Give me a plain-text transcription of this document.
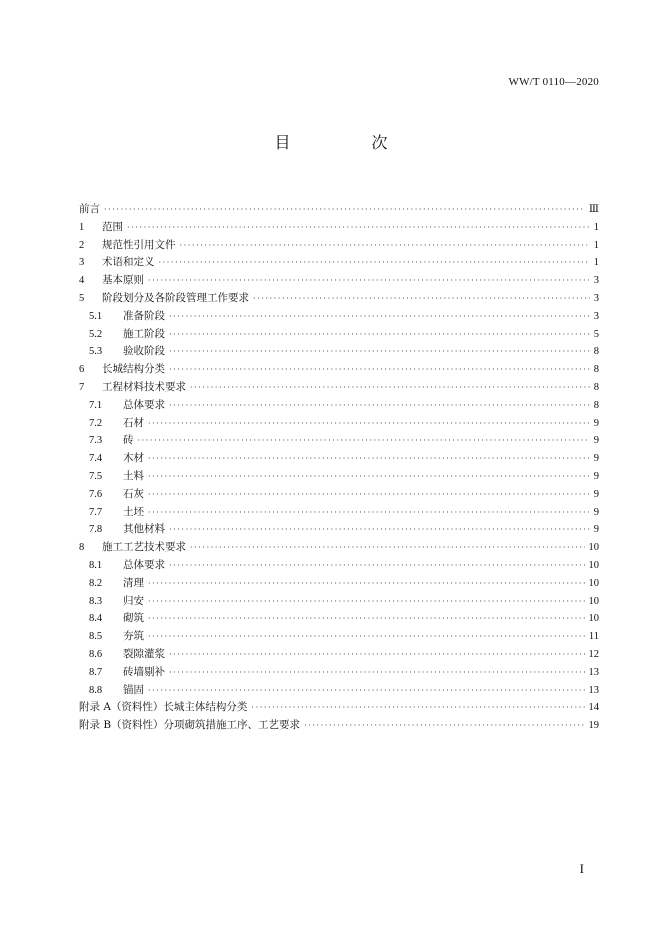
WW/T 0110—2020
目 次
前言 ·····	Ⅲ
1	范围 ·····	1
2	规范性引用文件 ·····	1
3	术语和定义 ·····	1
4	基本原则 ·····	3
5	阶段划分及各阶段管理工作要求 ·····	3
5.1	准备阶段 ·····	3
5.2	施工阶段 ·····	5
5.3	验收阶段 ·····	8
6	长城结构分类 ·····	8
7	工程材料技术要求 ·····	8
7.1	总体要求 ·····	8
7.2	石材 ·····	9
7.3	砖 ·····	9
7.4	木材 ·····	9
7.5	土料 ·····	9
7.6	石灰 ·····	9
7.7	土坯 ·····	9
7.8	其他材料 ·····	9
8	施工工艺技术要求 ·····	10
8.1	总体要求 ·····	10
8.2	清理 ·····	10
8.3	归安 ·····	10
8.4	砌筑 ·····	10
8.5	夯筑 ·····	11
8.6	裂隙灌浆 ·····	12
8.7	砖墙剔补 ·····	13
8.8	锚固 ·····	13
附录 A（资料性）长城主体结构分类 ·····	14
附录 B（资料性）分项砌筑措施工序、工艺要求 ·····	19
I
